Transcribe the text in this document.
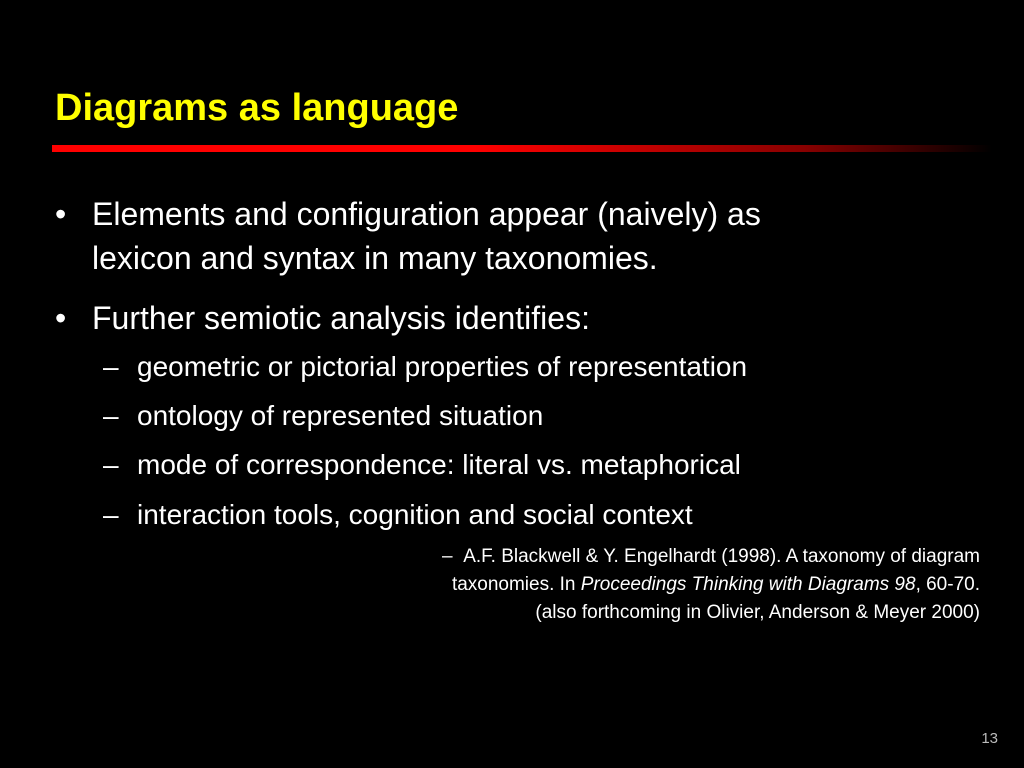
Diagrams as language
• Elements and configuration appear (naively) as
lexicon and syntax in many taxonomies.
• Further semiotic analysis identifies:
– geometric or pictorial properties of representation
– ontology of represented situation
– mode of correspondence: literal vs. metaphorical
– interaction tools, cognition and social context
– A.F. Blackwell & Y. Engelhardt (1998). A taxonomy of diagram
taxonomies. In Proceedings Thinking with Diagrams 98, 60-70.
(also forthcoming in Olivier, Anderson & Meyer 2000)
13
